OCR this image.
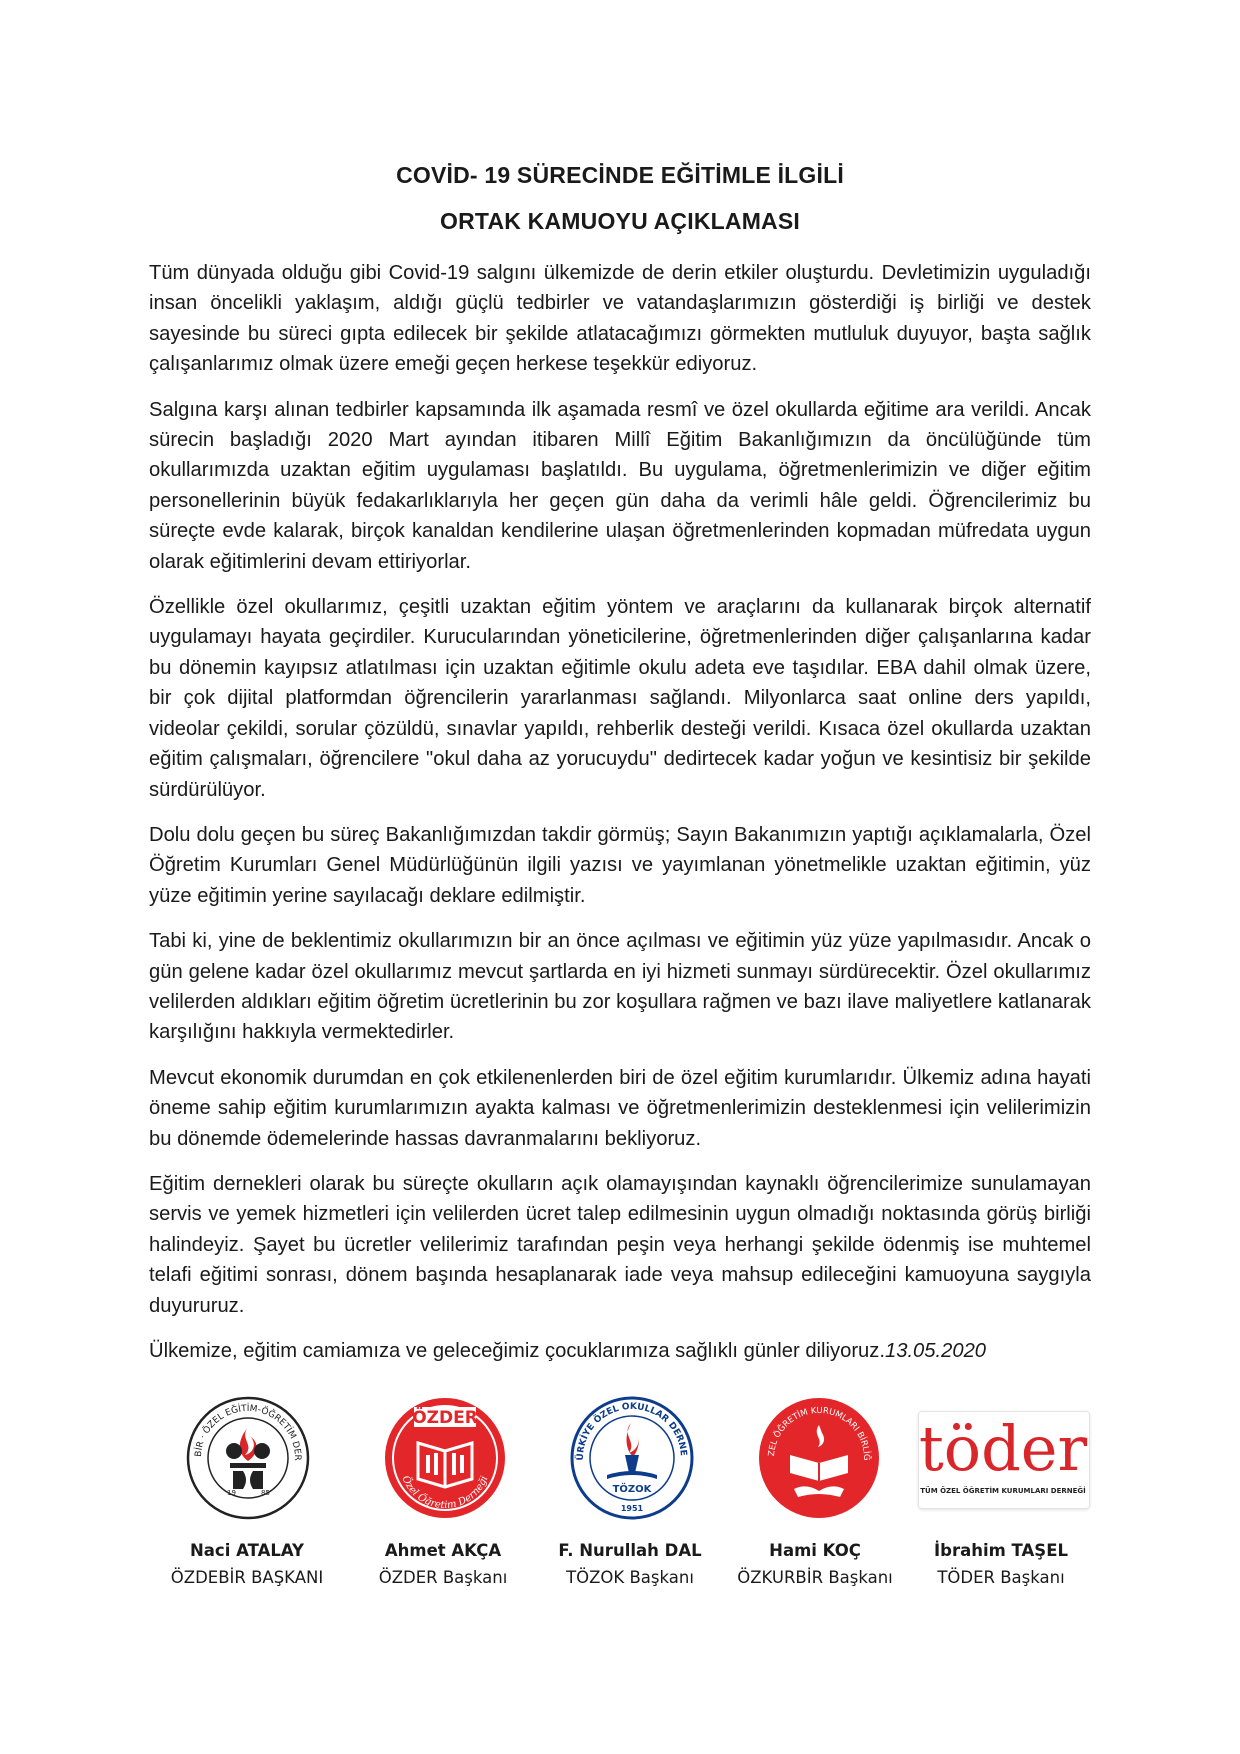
COVİD- 19 SÜRECİNDE EĞİTİMLE İLGİLİ
ORTAK KAMUOYU AÇIKLAMASI

Tüm dünyada olduğu gibi Covid-19 salgını ülkemizde de derin etkiler oluşturdu. Devletimizin uyguladığı insan öncelikli yaklaşım, aldığı güçlü tedbirler ve vatandaşlarımızın gösterdiği iş birliği ve destek sayesinde bu süreci gıpta edilecek bir şekilde atlatacağımızı görmekten mutluluk duyuyor, başta sağlık çalışanlarımız olmak üzere emeği geçen herkese teşekkür ediyoruz.

Salgına karşı alınan tedbirler kapsamında ilk aşamada resmî ve özel okullarda eğitime ara verildi. Ancak sürecin başladığı 2020 Mart ayından itibaren Millî Eğitim Bakanlığımızın da öncülüğünde tüm okullarımızda uzaktan eğitim uygulaması başlatıldı. Bu uygulama, öğretmenlerimizin ve diğer eğitim personellerinin büyük fedakarlıklarıyla her geçen gün daha da verimli hâle geldi. Öğrencilerimiz bu süreçte evde kalarak, birçok kanaldan kendilerine ulaşan öğretmenlerinden kopmadan müfredata uygun olarak eğitimlerini devam ettiriyorlar.

Özellikle özel okullarımız, çeşitli uzaktan eğitim yöntem ve araçlarını da kullanarak birçok alternatif uygulamayı hayata geçirdiler. Kurucularından yöneticilerine, öğretmenlerinden diğer çalışanlarına kadar bu dönemin kayıpsız atlatılması için uzaktan eğitimle okulu adeta eve taşıdılar. EBA dahil olmak üzere, bir çok dijital platformdan öğrencilerin yararlanması sağlandı. Milyonlarca saat online ders yapıldı, videolar çekildi, sorular çözüldü, sınavlar yapıldı, rehberlik desteği verildi. Kısaca özel okullarda uzaktan eğitim çalışmaları, öğrencilere "okul daha az yorucuydu" dedirtecek kadar yoğun ve kesintisiz bir şekilde sürdürülüyor.

Dolu dolu geçen bu süreç Bakanlığımızdan takdir görmüş; Sayın Bakanımızın yaptığı açıklamalarla, Özel Öğretim Kurumları Genel Müdürlüğünün ilgili yazısı ve yayımlanan yönetmelikle uzaktan eğitimin, yüz yüze eğitimin yerine sayılacağı deklare edilmiştir.

Tabi ki, yine de beklentimiz okullarımızın bir an önce açılması ve eğitimin yüz yüze yapılmasıdır. Ancak o gün gelene kadar özel okullarımız mevcut şartlarda en iyi hizmeti sunmayı sürdürecektir. Özel okullarımız velilerden aldıkları eğitim öğretim ücretlerinin bu zor koşullara rağmen ve bazı ilave maliyetlere katlanarak karşılığını hakkıyla vermektedirler.

Mevcut ekonomik durumdan en çok etkilenenlerden biri de özel eğitim kurumlarıdır. Ülkemiz adına hayati öneme sahip eğitim kurumlarımızın ayakta kalması ve öğretmenlerimizin desteklenmesi için velilerimizin bu dönemde ödemelerinde hassas davranmalarını bekliyoruz.

Eğitim dernekleri olarak bu süreçte okulların açık olamayışından kaynaklı öğrencilerimize sunulamayan servis ve yemek hizmetleri için velilerden ücret talep edilmesinin uygun olmadığı noktasında görüş birliği halindeyiz. Şayet bu ücretler velilerimiz tarafından peşin veya herhangi şekilde ödenmiş ise muhtemel telafi eğitimi sonrası, dönem başında hesaplanarak iade veya mahsup edileceğini kamuoyuna saygıyla duyururuz.

Ülkemize, eğitim camiamıza ve geleceğimiz çocuklarımıza sağlıklı günler diliyoruz.13.05.2020

BİR · ÖZEL EĞİTİM-ÖĞRETİM DER
19	85
ÖZDER
Özel Öğretim Derneği
ÜRKİYE ÖZEL OKULLAR DERNE
TÖZOK
1951
ZEL ÖĞRETİM KURUMLARI BİRLİĞ töder
TÜM ÖZEL ÖĞRETİM KURUMLARI DERNEĞİ
Naci ATALAY
ÖZDEBİR BAŞKANI
Ahmet AKÇA
ÖZDER Başkanı
F. Nurullah DAL
TÖZOK Başkanı
Hami KOÇ
ÖZKURBİR Başkanı
İbrahim TAŞEL
TÖDER Başkanı
